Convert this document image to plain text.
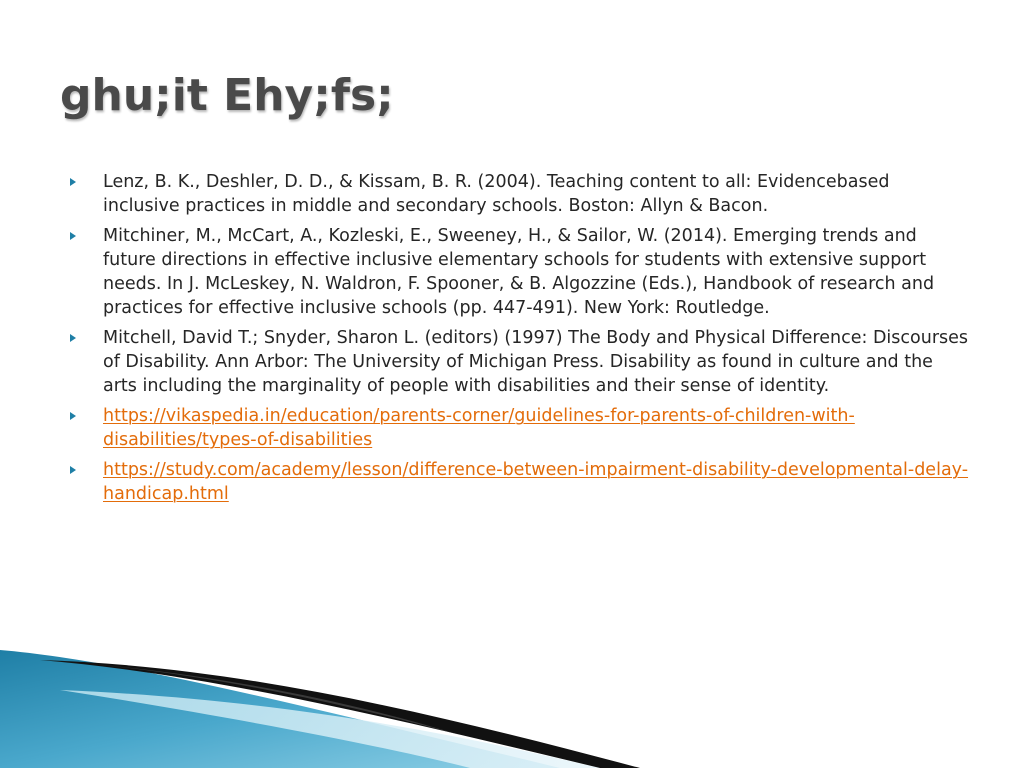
ghu;it Ehy;fs;
Lenz, B. K., Deshler, D. D., & Kissam, B. R. (2004). Teaching content to all: Evidencebased inclusive practices in middle and secondary schools. Boston: Allyn & Bacon.
Mitchiner, M., McCart, A., Kozleski, E., Sweeney, H., & Sailor, W. (2014). Emerging trends and future directions in effective inclusive elementary schools for students with extensive support needs. In J. McLeskey, N. Waldron, F. Spooner, & B. Algozzine (Eds.), Handbook of research and practices for effective inclusive schools (pp. 447-491). New York: Routledge.
Mitchell, David T.; Snyder, Sharon L. (editors) (1997) The Body and Physical Difference: Discourses of Disability. Ann Arbor: The University of Michigan Press. Disability as found in culture and the arts including the marginality of people with disabilities and their sense of identity.
https://vikaspedia.in/education/parents-corner/guidelines-for-parents-of-children-with-disabilities/types-of-disabilities
https://study.com/academy/lesson/difference-between-impairment-disability-developmental-delay-handicap.html
